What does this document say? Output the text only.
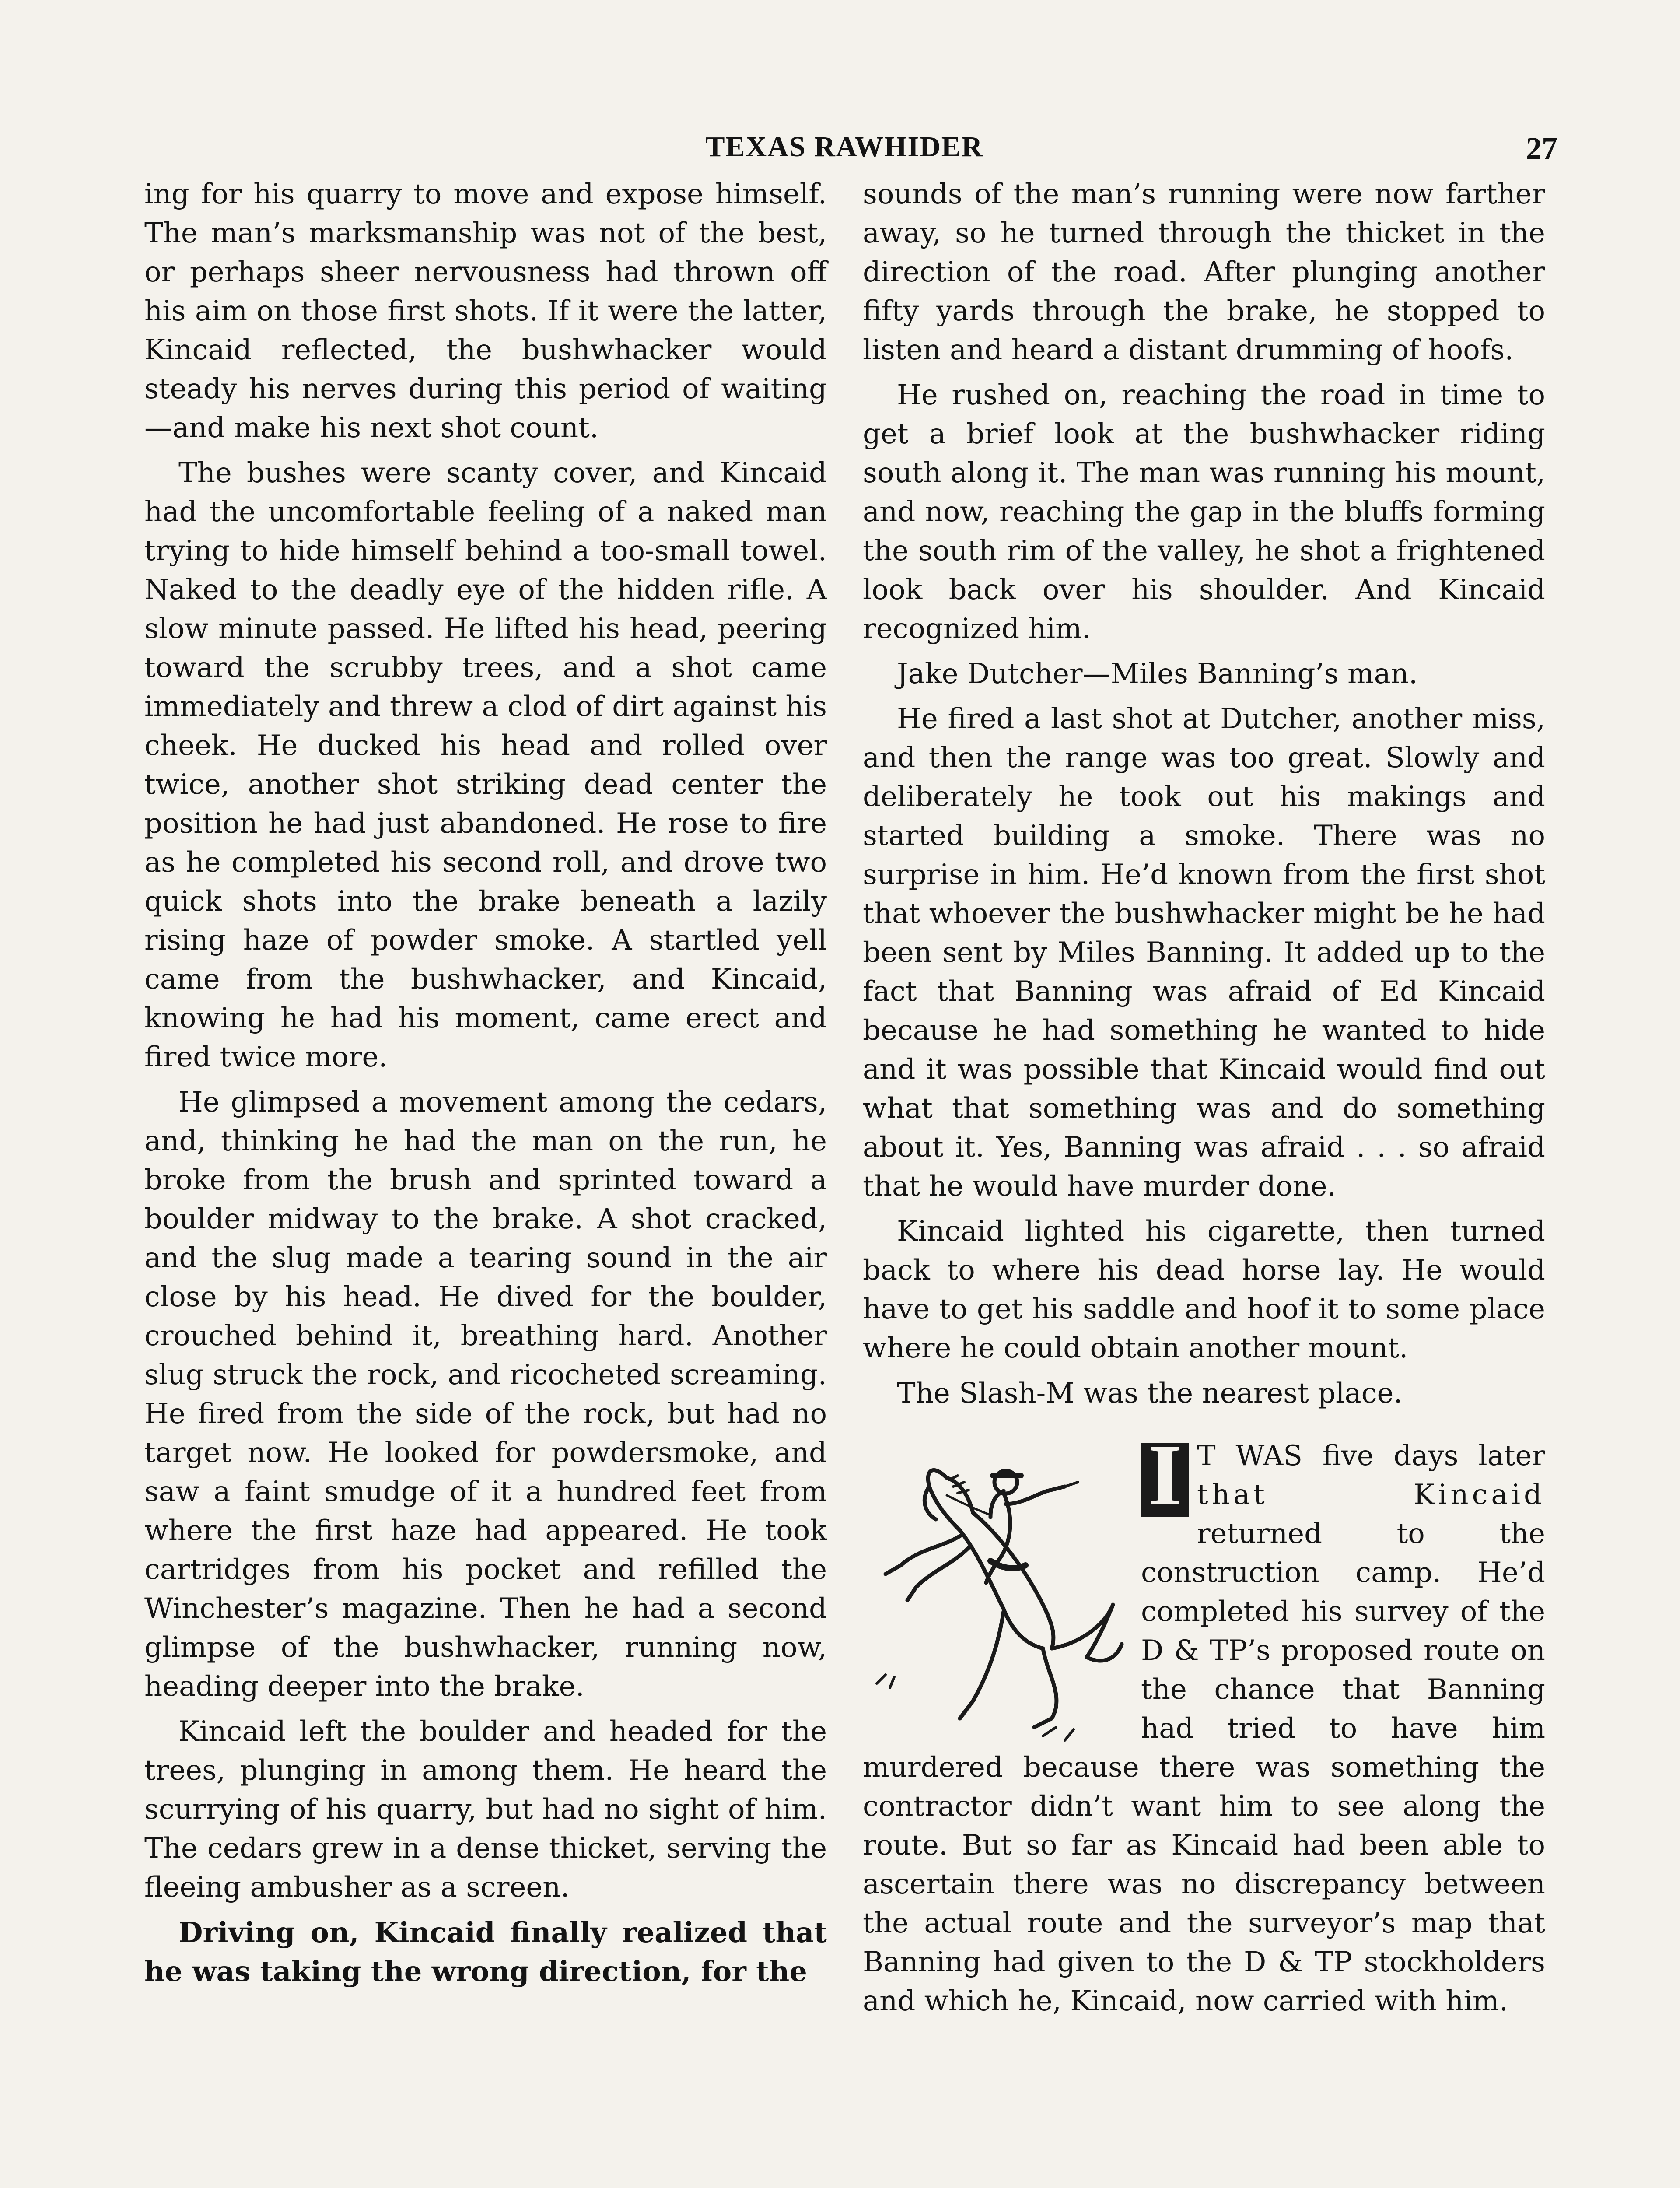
TEXAS RAWHIDER	27

ing for his quarry to move and expose himself. The man’s marksmanship was not of the best, or perhaps sheer nervousness had thrown off his aim on those first shots. If it were the latter, Kincaid reflected, the bushwhacker would steady his nerves during this period of waiting—and make his next shot count.

The bushes were scanty cover, and Kincaid had the uncomfortable feeling of a naked man trying to hide himself behind a too-small towel. Naked to the deadly eye of the hidden rifle. A slow minute passed. He lifted his head, peering toward the scrubby trees, and a shot came immediately and threw a clod of dirt against his cheek. He ducked his head and rolled over twice, another shot striking dead center the position he had just abandoned. He rose to fire as he completed his second roll, and drove two quick shots into the brake beneath a lazily rising haze of powder smoke. A startled yell came from the bushwhacker, and Kincaid, knowing he had his moment, came erect and fired twice more.

He glimpsed a movement among the cedars, and, thinking he had the man on the run, he broke from the brush and sprinted toward a boulder midway to the brake. A shot cracked, and the slug made a tearing sound in the air close by his head. He dived for the boulder, crouched behind it, breathing hard. Another slug struck the rock, and ricocheted screaming. He fired from the side of the rock, but had no target now. He looked for powdersmoke, and saw a faint smudge of it a hundred feet from where the first haze had appeared. He took cartridges from his pocket and refilled the Winchester’s magazine. Then he had a second glimpse of the bushwhacker, running now, heading deeper into the brake.

Kincaid left the boulder and headed for the trees, plunging in among them. He heard the scurrying of his quarry, but had no sight of him. The cedars grew in a dense thicket, serving the fleeing ambusher as a screen.

Driving on, Kincaid finally realized that he was taking the wrong direction, for the

sounds of the man’s running were now farther away, so he turned through the thicket in the direction of the road. After plunging another fifty yards through the brake, he stopped to listen and heard a distant drumming of hoofs.

He rushed on, reaching the road in time to get a brief look at the bushwhacker riding south along it. The man was running his mount, and now, reaching the gap in the bluffs forming the south rim of the valley, he shot a frightened look back over his shoulder. And Kincaid recognized him.

Jake Dutcher—Miles Banning’s man.

He fired a last shot at Dutcher, another miss, and then the range was too great. Slowly and deliberately he took out his makings and started building a smoke. There was no surprise in him. He’d known from the first shot that whoever the bushwhacker might be he had been sent by Miles Banning. It added up to the fact that Banning was afraid of Ed Kincaid because he had something he wanted to hide and it was possible that Kincaid would find out what that something was and do something about it. Yes, Banning was afraid . . . so afraid that he would have murder done.

Kincaid lighted his cigarette, then turned back to where his dead horse lay. He would have to get his saddle and hoof it to some place where he could obtain another mount.

The Slash-M was the nearest place.

I T WAS five days later that Kincaid returned to the construction camp. He’d completed his survey of the D & TP’s proposed route on the chance that Banning had tried to have him murdered because there was something the contractor didn’t want him to see along the route. But so far as Kincaid had been able to ascertain there was no discrepancy between the actual route and the surveyor’s map that Banning had given to the D & TP stockholders and which he, Kincaid, now carried with him.
